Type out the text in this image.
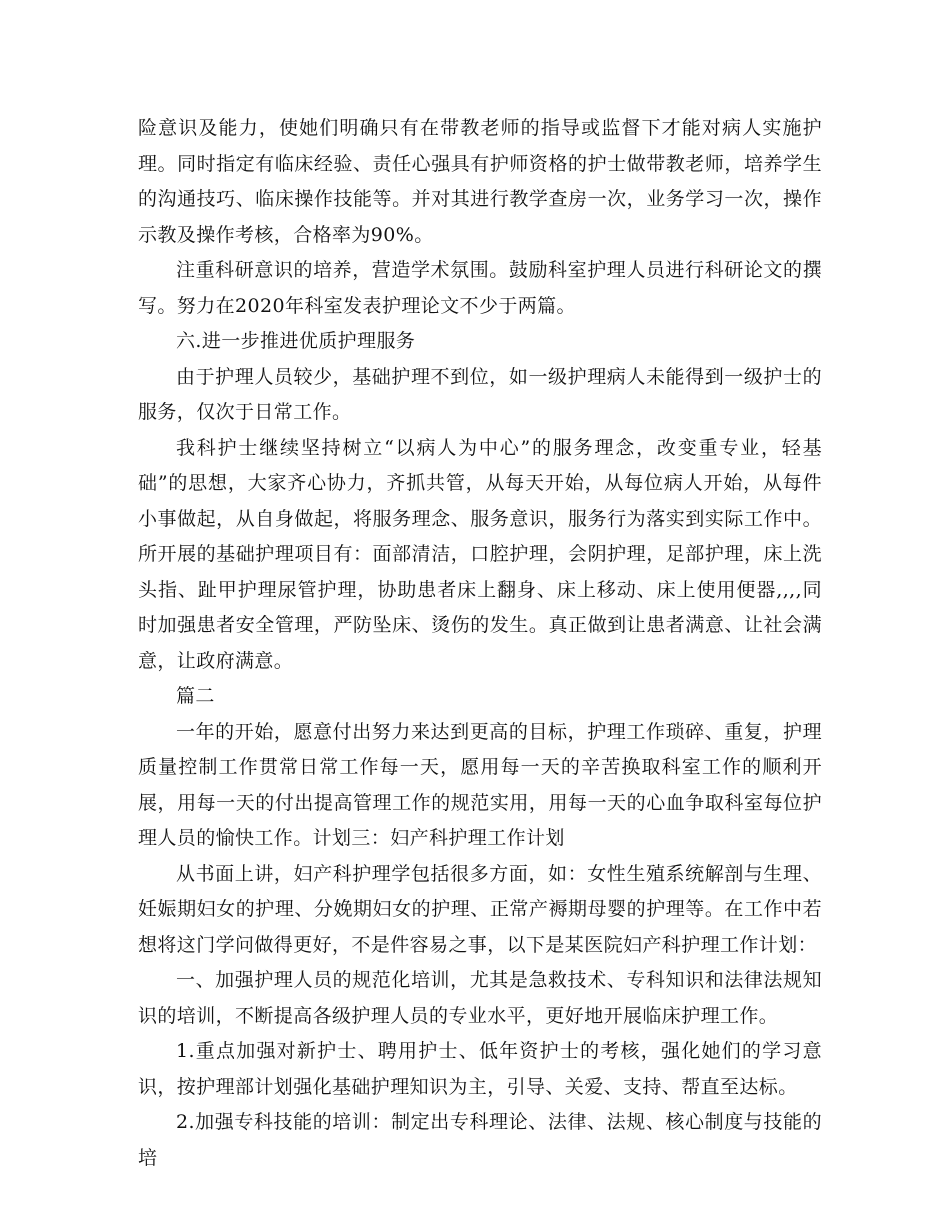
险意识及能力，使她们明确只有在带教老师的指导或监督下才能对病人实施护理。同时指定有临床经验、责任心强具有护师资格的护士做带教老师，培养学生的沟通技巧、临床操作技能等。并对其进行教学查房一次，业务学习一次，操作示教及操作考核，合格率为90%。

注重科研意识的培养，营造学术氛围。鼓励科室护理人员进行科研论文的撰写。努力在2020年科室发表护理论文不少于两篇。

六.进一步推进优质护理服务

由于护理人员较少，基础护理不到位，如一级护理病人未能得到一级护士的服务，仅次于日常工作。

我科护士继续坚持树立“以病人为中心”的服务理念，改变重专业，轻基础”的思想，大家齐心协力，齐抓共管，从每天开始，从每位病人开始，从每件小事做起，从自身做起，将服务理念、服务意识，服务行为落实到实际工作中。所开展的基础护理项目有：面部清洁，口腔护理，会阴护理，足部护理，床上洗头指、趾甲护理尿管护理，协助患者床上翻身、床上移动、床上使用便器,,,,同时加强患者安全管理，严防坠床、烫伤的发生。真正做到让患者满意、让社会满意，让政府满意。

篇二

一年的开始，愿意付出努力来达到更高的目标，护理工作琐碎、重复，护理质量控制工作贯常日常工作每一天，愿用每一天的辛苦换取科室工作的顺利开展，用每一天的付出提高管理工作的规范实用，用每一天的心血争取科室每位护理人员的愉快工作。计划三：妇产科护理工作计划

从书面上讲，妇产科护理学包括很多方面，如：女性生殖系统解剖与生理、妊娠期妇女的护理、分娩期妇女的护理、正常产褥期母婴的护理等。在工作中若想将这门学问做得更好，不是件容易之事，以下是某医院妇产科护理工作计划：

一、加强护理人员的规范化培训，尤其是急救技术、专科知识和法律法规知识的培训，不断提高各级护理人员的专业水平，更好地开展临床护理工作。

1.重点加强对新护士、聘用护士、低年资护士的考核，强化她们的学习意识，按护理部计划强化基础护理知识为主，引导、关爱、支持、帮直至达标。

2.加强专科技能的培训：制定出专科理论、法律、法规、核心制度与技能的培
